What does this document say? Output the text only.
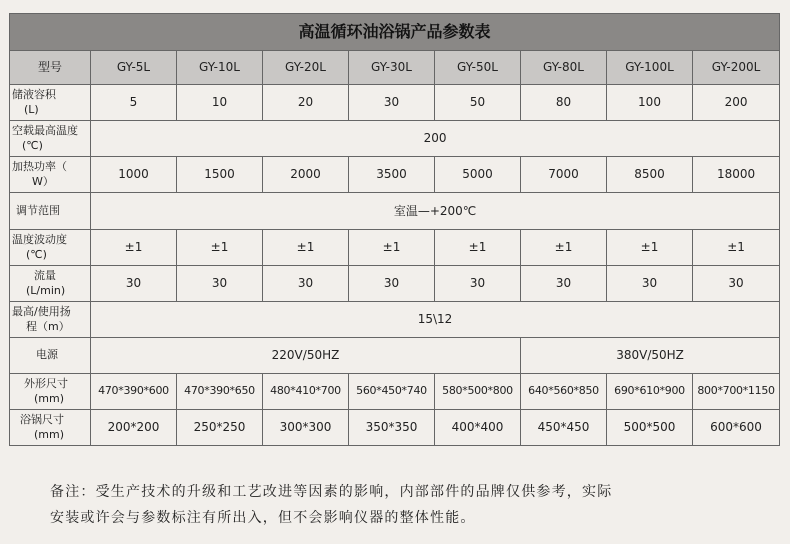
高温循环油浴锅产品参数表								
型号	GY-5L	GY-10L	GY-20L	GY-30L	GY-50L	GY-80L	GY-100L	GY-200L

储液容积
(L)	5	10	20	30	50	80	100	200

空载最高温度
(℃)	200							

加热功率（
W）	1000	1500	2000	3500	5000	7000	8500	18000
调节范围	室温—+200℃							

温度波动度
(℃)	±1	±1	±1	±1	±1	±1	±1	±1

流量
(L/min)	30	30	30	30	30	30	30	30

最高/使用扬
程（m）	15\12							
电源	220V/50HZ					380V/50HZ		

外形尺寸
(mm)	470*390*600	470*390*650	480*410*700	560*450*740	580*500*800	640*560*850	690*610*900	800*700*1150

浴锅尺寸
(mm)	200*200	250*250	300*300	350*350	400*400	450*450	500*500	600*600
备注：受生产技术的升级和工艺改进等因素的影响，内部部件的品牌仅供参考，实际
安装或许会与参数标注有所出入，但不会影响仪器的整体性能。
